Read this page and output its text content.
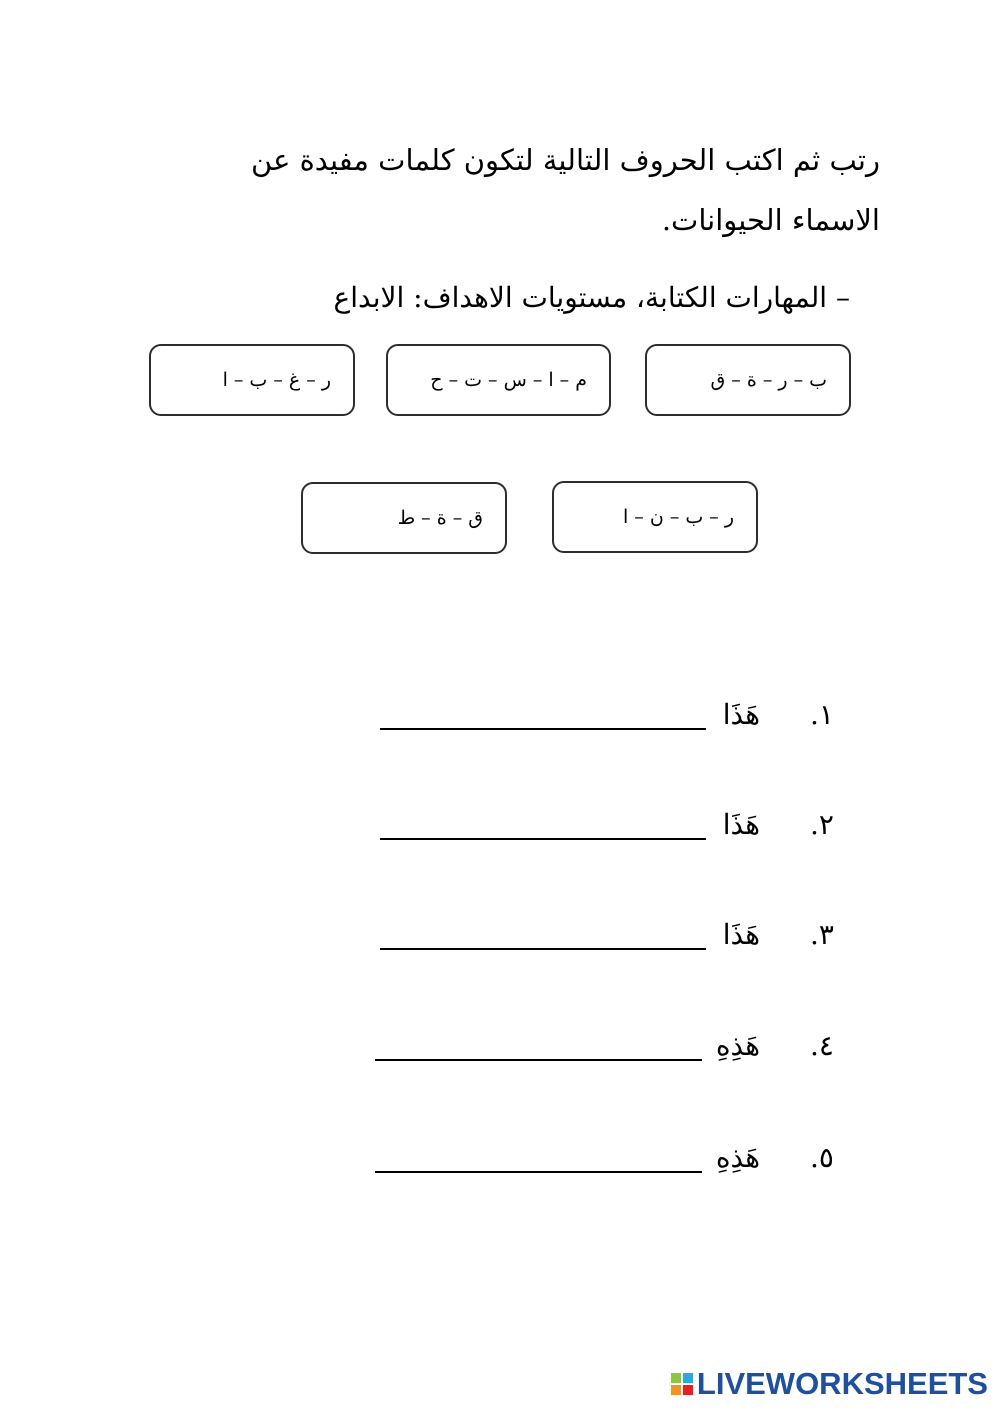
رتب ثم اكتب الحروف التالية لتكون كلمات مفيدة عن الاسماء الحيوانات.
– المهارات الكتابة، مستويات الاهداف: الابداع
ب – ر – ة – ق
م – ا – س – ت – ح
ر – غ – ب – ا
ر – ب – ن – ا
ق – ة – ط
١.
هَذَا
٢.
هَذَا
٣.
هَذَا
٤.
هَذِهِ
٥.
هَذِهِ
LIVEWORKSHEETS
